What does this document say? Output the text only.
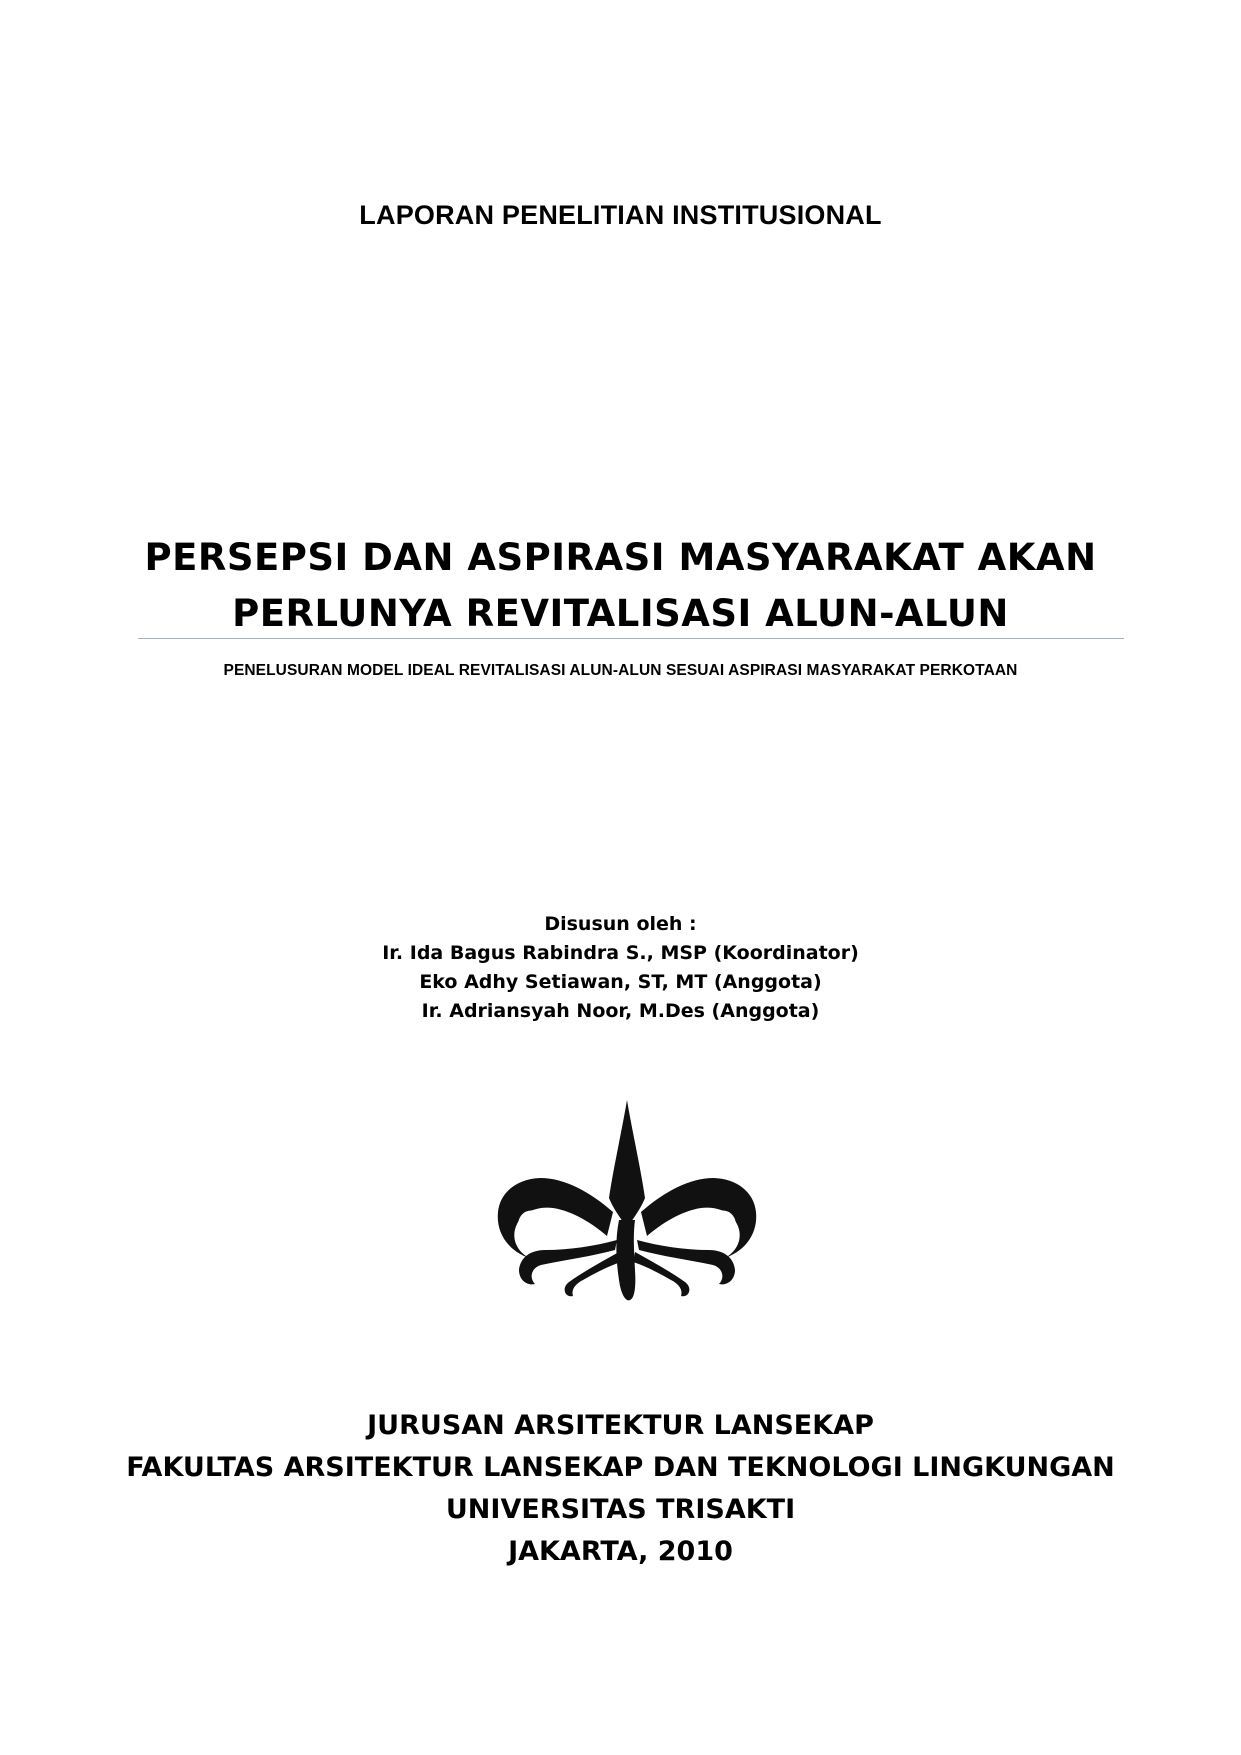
LAPORAN PENELITIAN INSTITUSIONAL
PERSEPSI DAN ASPIRASI MASYARAKAT AKAN
PERLUNYA REVITALISASI ALUN-ALUN
PENELUSURAN MODEL IDEAL REVITALISASI ALUN-ALUN SESUAI ASPIRASI MASYARAKAT PERKOTAAN
Disusun oleh :
Ir. Ida Bagus Rabindra S., MSP (Koordinator)
Eko Adhy Setiawan, ST, MT (Anggota)
Ir. Adriansyah Noor, M.Des (Anggota)
JURUSAN ARSITEKTUR LANSEKAP
FAKULTAS ARSITEKTUR LANSEKAP DAN TEKNOLOGI LINGKUNGAN
UNIVERSITAS TRISAKTI
JAKARTA, 2010
